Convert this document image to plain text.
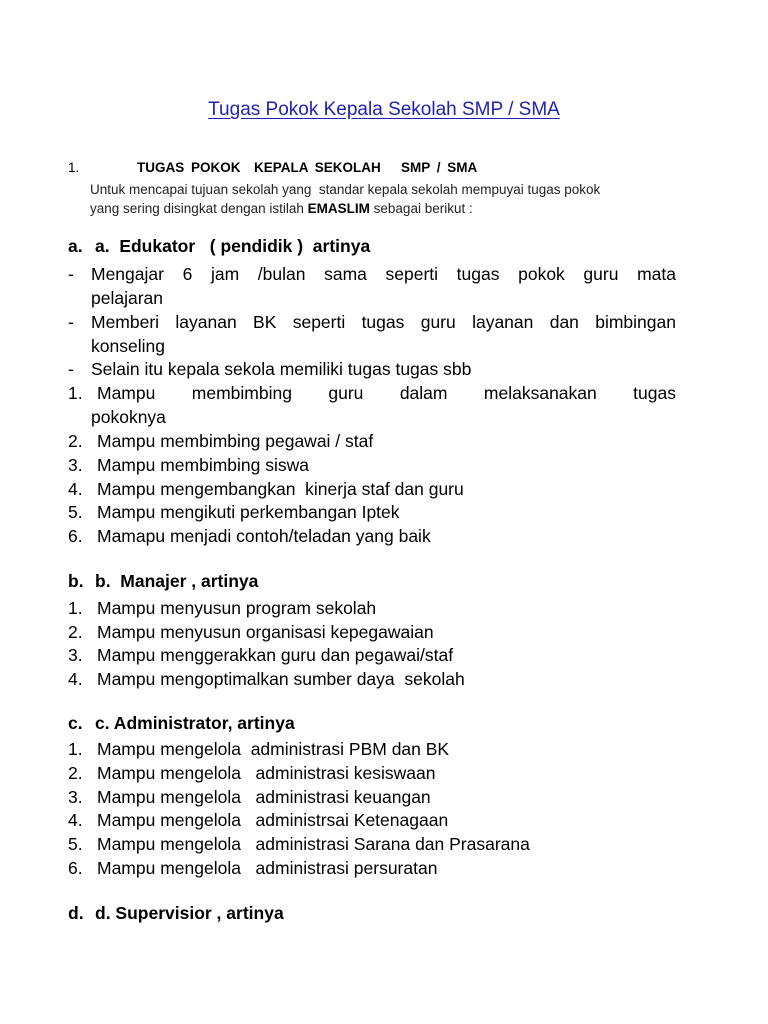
Tugas Pokok Kepala Sekolah SMP / SMA
1.	TUGAS POKOK  KEPALA SEKOLAH   SMP / SMA
Untuk mencapai tujuan sekolah yang  standar kepala sekolah mempuyai tugas pokok
yang sering disingkat dengan istilah EMASLIM sebagai berikut :
a. a.  Edukator   ( pendidik )  artinya
- Mengajar 6 jam /bulan sama seperti tugas pokok guru mata
pelajaran
- Memberi layanan BK seperti tugas guru layanan dan bimbingan
konseling
- Selain itu kepala sekola memiliki tugas tugas sbb
1. Mampu membimbing guru dalam melaksanakan tugas
pokoknya
2. Mampu membimbing pegawai / staf
3. Mampu membimbing siswa
4. Mampu mengembangkan  kinerja staf dan guru
5. Mampu mengikuti perkembangan Iptek
6. Mamapu menjadi contoh/teladan yang baik
b. b.  Manajer , artinya
1. Mampu menyusun program sekolah
2. Mampu menyusun organisasi kepegawaian
3. Mampu menggerakkan guru dan pegawai/staf
4. Mampu mengoptimalkan sumber daya  sekolah
c. c. Administrator, artinya
1. Mampu mengelola  administrasi PBM dan BK
2. Mampu mengelola   administrasi kesiswaan
3. Mampu mengelola   administrasi keuangan
4. Mampu mengelola   administrsai Ketenagaan
5. Mampu mengelola   administrasi Sarana dan Prasarana
6. Mampu mengelola   administrasi persuratan
d. d. Supervisior , artinya
